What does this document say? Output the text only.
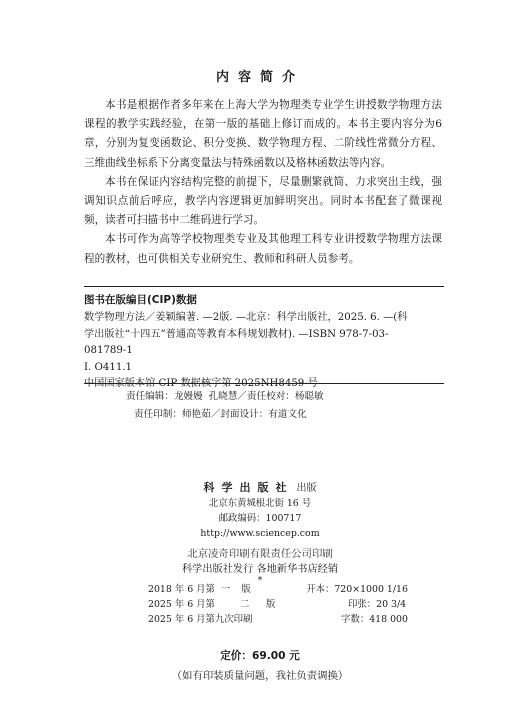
内容简介

本书是根据作者多年来在上海大学为物理类专业学生讲授数学物理方法课程的教学实践经验，在第一版的基础上修订而成的。本书主要内容分为6章，分别为复变函数论、积分变换、数学物理方程、二阶线性常微分方程、三维曲线坐标系下分离变量法与特殊函数以及格林函数法等内容。

本书在保证内容结构完整的前提下，尽量删繁就简、力求突出主线，强调知识点前后呼应，教学内容逻辑更加鲜明突出。同时本书配套了微课视频，读者可扫描书中二维码进行学习。

本书可作为高等学校物理类专业及其他理工科专业讲授数学物理方法课程的教材，也可供相关专业研究生、教师和科研人员参考。

图书在版编目(CIP)数据
数学物理方法／姜颖编著. —2版. —北京：科学出版社，2025. 6. —(科
学出版社“十四五”普通高等教育本科规划教材). —ISBN 978-7-03-
081789-1
Ⅰ. O411.1
中国国家版本馆 CIP 数据核字第 2025NH8459 号
责任编辑：龙嫚嫚 孔晓慧／责任校对：杨聪敏
责任印制：师艳茹／封面设计：有道文化
科学出版社 出版
北京东黄城根北街 16 号
邮政编码：100717
http://www.sciencep.com
北京凌奇印刷有限责任公司印刷
科学出版社发行 各地新华书店经销
*
2018 年 6 月第 一	版	开本：720×1000 1/16
2025 年 6 月第	二	版	印张：20 3/4
2025 年 6 月第九次印刷	字数：418 000
定价：69.00 元
（如有印装质量问题，我社负责调换）
